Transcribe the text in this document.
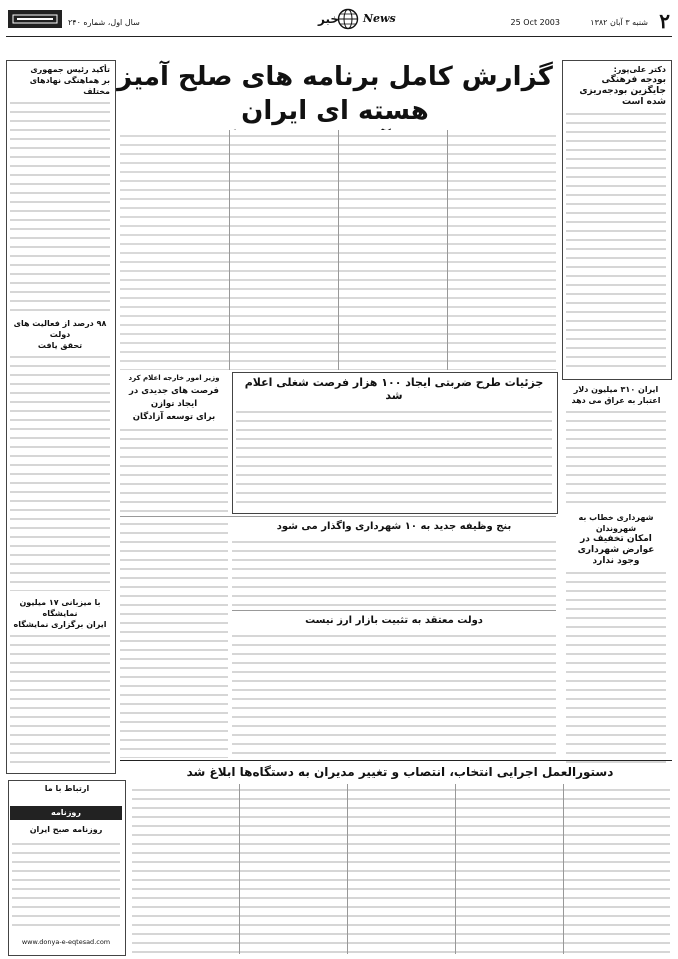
۲
شنبه ۳ آبان ۱۳۸۲
25 Oct 2003
خبر News
سال اول، شماره ۲۴۰
تأکید رئیس جمهوری
بر هماهنگی نهادهای مختلف
۹۸ درصد از فعالیت های دولت
تحقق یافت
با میزبانی ۱۷ میلیون نمایشگاه
ایران برگزاری نمایشگاه
دکتر علی‌پور:
بودجه فرهنگی جایگزین بودجه‌ریزی شده است
ایران ۳۱۰ میلیون دلار
اعتبار به عراق می دهد
شهرداری خطاب به شهروندان
امکان تخفیف در عوارض شهرداری وجود ندارد
گزارش کامل برنامه های صلح آمیز هسته ای ایران
وزیر امور خارجه اعلام کرد
فرصت های جدیدی در ایجاد توازن
برای توسعه آزادگان
جزئیات طرح ضربتی ایجاد ۱۰۰ هزار فرصت شغلی اعلام شد
بنج وظیفه جدید به ۱۰ شهرداری واگذار می شود
دولت معتقد به تثبیت بازار ارز نیست
دستورالعمل اجرایی انتخاب، انتصاب و تغییر مدیران به دستگاه‌ها ابلاغ شد
ارتباط با ما
روزنامه
روزنامه صبح ایران
www.donya-e-eqtesad.com
